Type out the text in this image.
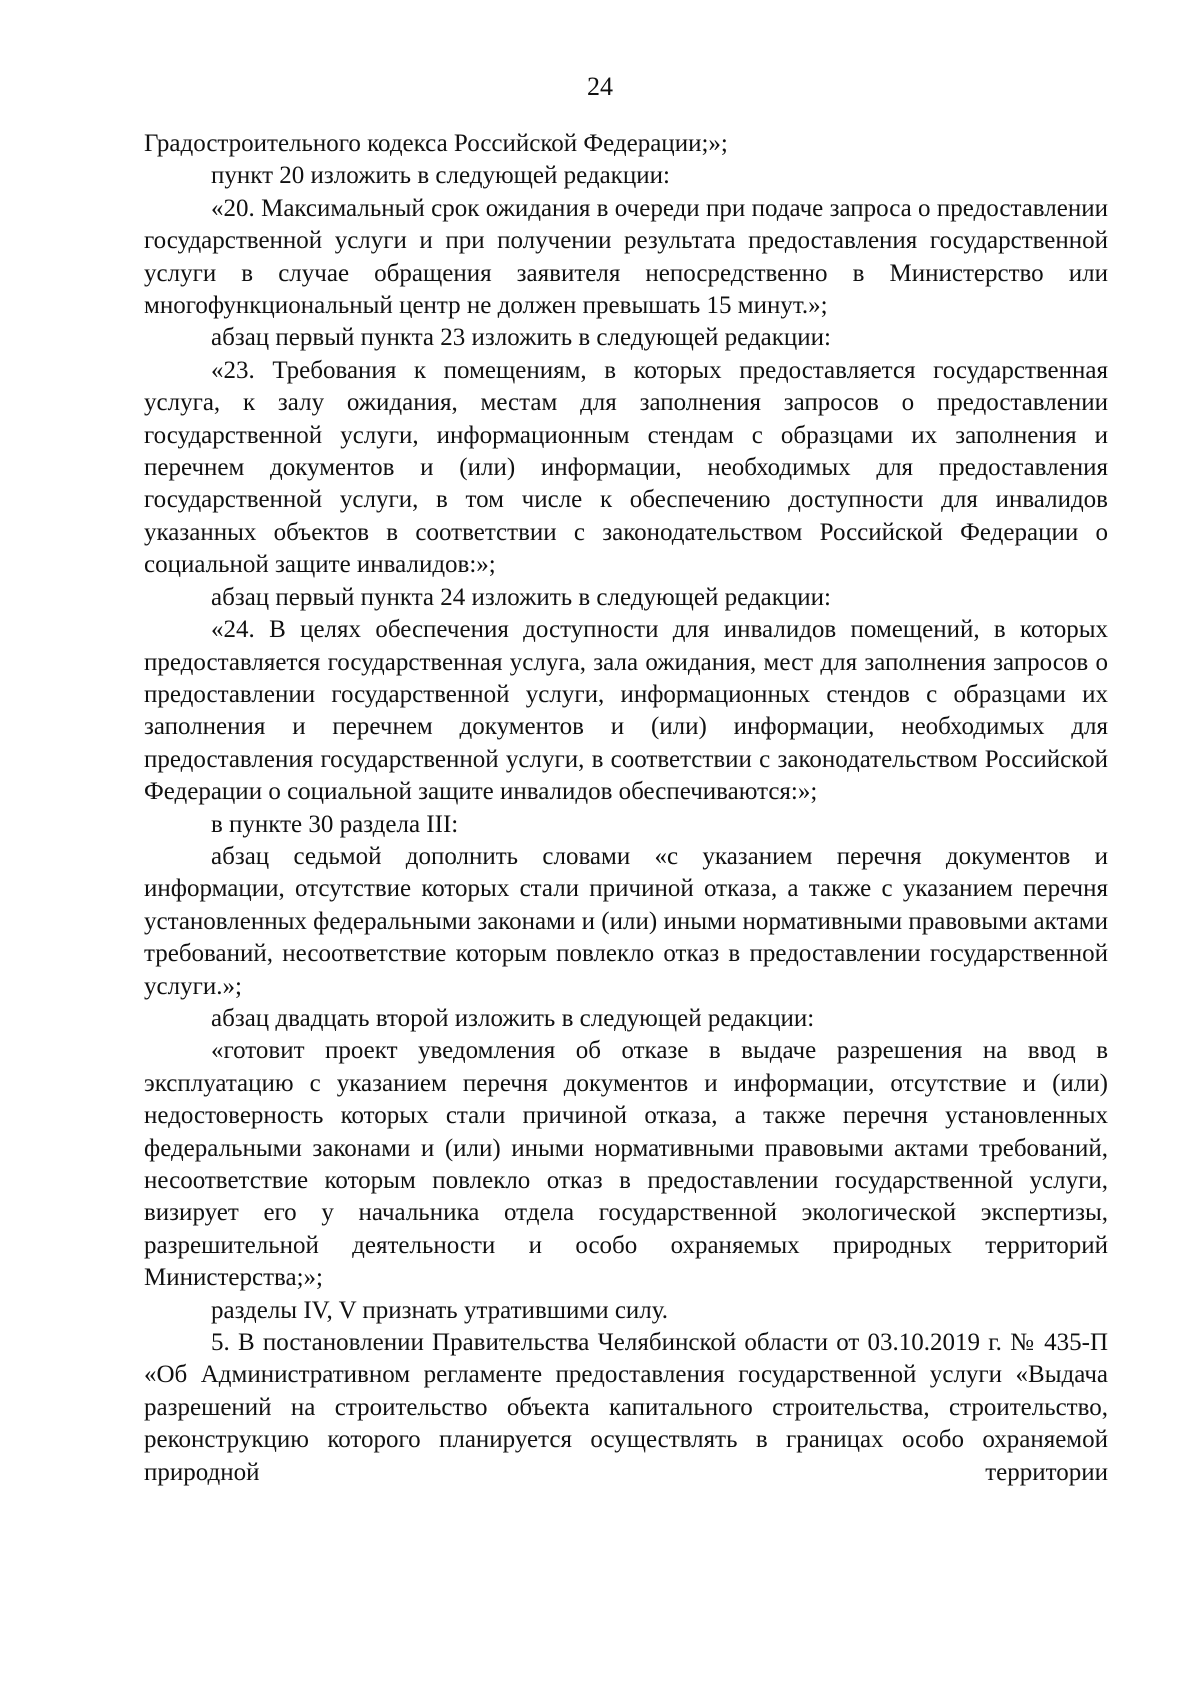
24

Градостроительного кодекса Российской Федерации;»;

пункт 20 изложить в следующей редакции:

«20. Максимальный срок ожидания в очереди при подаче запроса о предоставлении государственной услуги и при получении результата предоставления государственной услуги в случае обращения заявителя непосредственно в Министерство или многофункциональный центр не должен превышать 15 минут.»;

абзац первый пункта 23 изложить в следующей редакции:

«23. Требования к помещениям, в которых предоставляется государственная услуга, к залу ожидания, местам для заполнения запросов о предоставлении государственной услуги, информационным стендам с образцами их заполнения и перечнем документов и (или) информации, необходимых для предоставления государственной услуги, в том числе к обеспечению доступности для инвалидов указанных объектов в соответствии с законодательством Российской Федерации о социальной защите инвалидов:»;

абзац первый пункта 24 изложить в следующей редакции:

«24. В целях обеспечения доступности для инвалидов помещений, в которых предоставляется государственная услуга, зала ожидания, мест для заполнения запросов о предоставлении государственной услуги, информационных стендов с образцами их заполнения и перечнем документов и (или) информации, необходимых для предоставления государственной услуги, в соответствии с законодательством Российской Федерации о социальной защите инвалидов обеспечиваются:»;

в пункте 30 раздела III:

абзац седьмой дополнить словами «с указанием перечня документов и информации, отсутствие которых стали причиной отказа, а также с указанием перечня установленных федеральными законами и (или) иными нормативными правовыми актами требований, несоответствие которым повлекло отказ в предоставлении государственной услуги.»;

абзац двадцать второй изложить в следующей редакции:

«готовит проект уведомления об отказе в выдаче разрешения на ввод в эксплуатацию с указанием перечня документов и информации, отсутствие и (или) недостоверность которых стали причиной отказа, а также перечня установленных федеральными законами и (или) иными нормативными правовыми актами требований, несоответствие которым повлекло отказ в предоставлении государственной услуги, визирует его у начальника отдела государственной экологической экспертизы, разрешительной деятельности и особо охраняемых природных территорий Министерства;»;

разделы IV, V признать утратившими силу.

5. В постановлении Правительства Челябинской области от 03.10.2019 г. № 435-П «Об Административном регламенте предоставления государственной услуги «Выдача разрешений на строительство объекта капитального строительства, строительство, реконструкцию которого планируется осуществлять в границах особо охраняемой природной территории
